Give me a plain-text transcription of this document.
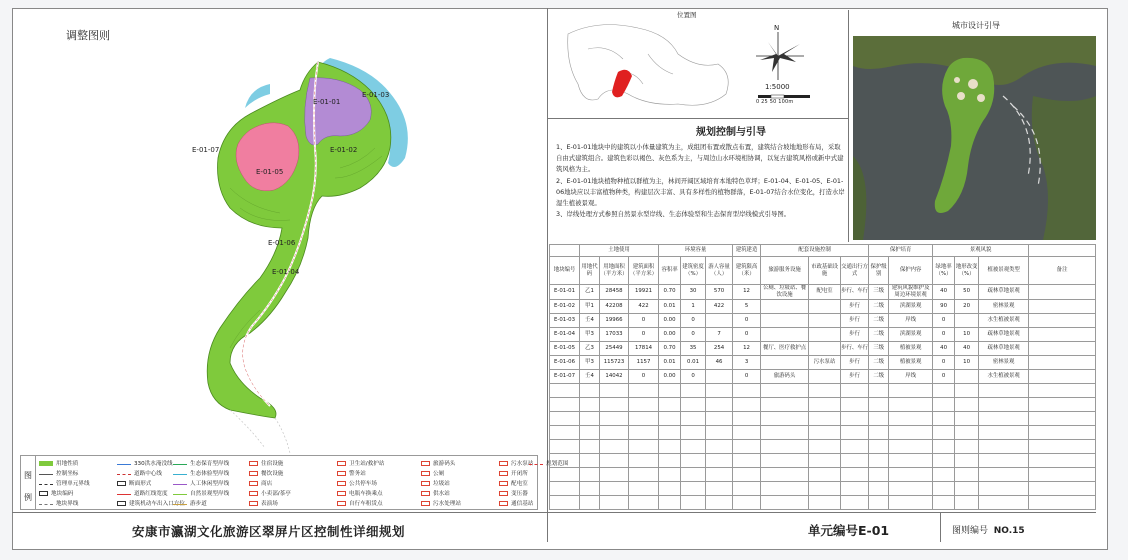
调整图则
E-01-01
E-01-03
E-01-07	E-01-02
E-01-05
E-01-06
E-01-04
图
例
用地性质
控制坐标
管理单元界线
地块编码
地块界线
330洪水淹没线
道路中心线
断面形式
道路红线宽度
建筑机动车出入口方位
生态保育型岸线
生态体验型岸线
人工休闲型岸线
自然景观型岸线
游步道
住宿设施
餐饮设施
商店
小卖部/茶亭
表演场
卫生站/救护站
警务站
公共停车场
电瓶车换乘点
自行车租赁点
旅游码头
公厕
垃圾站
供水站
污水处理站
污水泵站
开闭所
配电室
变压器
通信基站
规划范围
位置图
N
1:5000
0 25 50 100m
城市设计引导
规划控制与引导

1、E-01-01地块中的建筑以小体量建筑为主，成组团布置或散点布置，建筑结合坡地地形布局，采取自由式建筑组合。建筑色彩以褐色、灰色系为主，与周边山水环境相协调，以复古建筑风格或新中式建筑风格为主。

2、E-01-01地块植物种植以群植为主，林间开阔区域培育本地特色草坪；E-01-04、E-01-05、E-01-06地块应以丰富植物种类，构建层次丰富、具有多样性的植物群落，E-01-07结合水位变化，打造水岸湿生植被景观。

3、岸线处理方式参照自然景水型岸线、生态体验型和生态保育型岸线模式引导图。

	土地使用			环境容量			建筑建造	配套设施控制			保护培育		景观风貌			
地块编号	用地代码	用地面积（平方米）	建筑面积（平方米）	容积率	建筑密度（%）	游人容量（人）	建筑限高（米）	旅游服务设施	市政基础设施	交通出行方式	保护级别	保护内容	绿地率（%）	地形改变（%）	植被景观类型	备注
E-01-01	乙1	28458	19921	0.70	30	570	12	公厕、垃圾站、餐饮设施	配电室	步行、车行	三级	建筑风貌维护及周边环境景观	40	50	疏林草地景观	
E-01-02	甲1	42208	422	0.01	1	422	5			步行	二级	滨湖景观	90	20	密林景观	
E-01-03	壬4	19966	0	0.00	0		0			步行	二级	岸线	0		水生植被景观	
E-01-04	甲3	17033	0	0.00	0	7	0			步行	二级	滨湖景观	0	10	疏林草地景观	
E-01-05	乙3	25449	17814	0.70	35	254	12	餐厅、医疗救护点		步行、车行	三级	植被景观	40	40	疏林草地景观	
E-01-06	甲3	115723	1157	0.01	0.01	46	3		污水泵站	步行	二级	植被景观	0	10	密林景观	
E-01-07	壬4	14042	0	0.00	0		0	旅游码头		步行	二级	岸线	0		水生植被景观	

安康市瀛湖文化旅游区翠屏片区控制性详细规划	单元编号E-01	图则编号 NO.15
